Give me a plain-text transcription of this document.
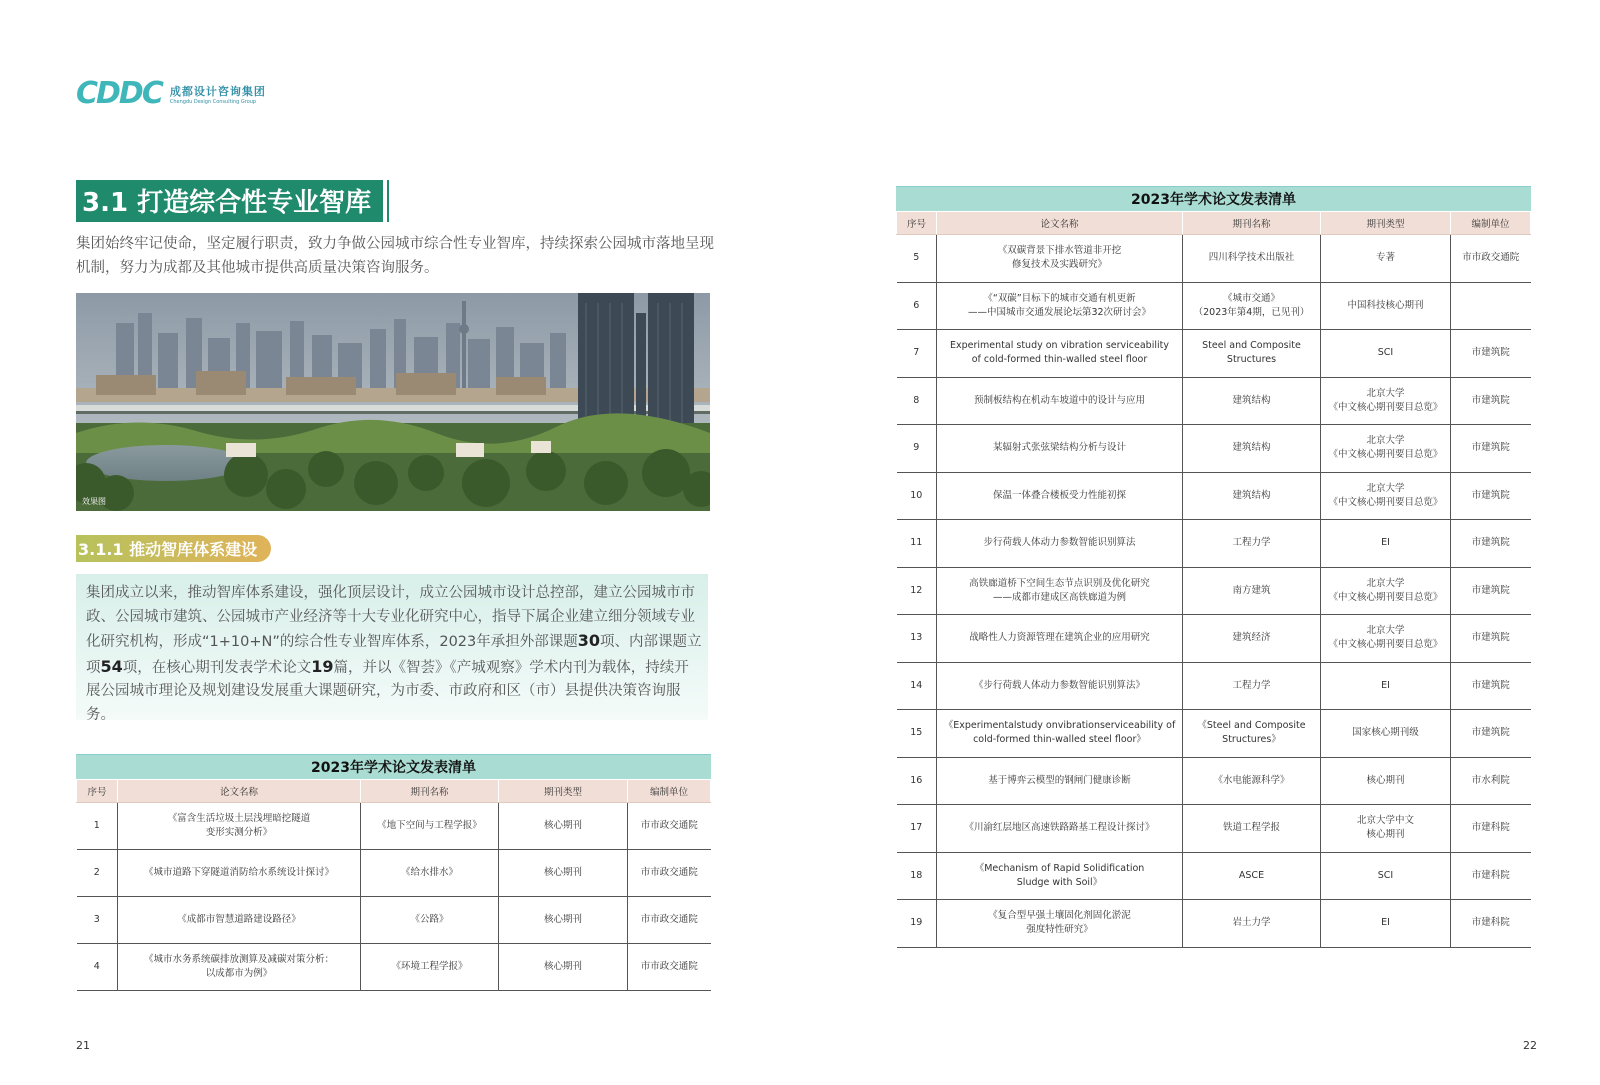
CDDC 成都设计咨询集团
Chengdu Design Consulting Group
3.1 打造综合性专业智库
集团始终牢记使命，坚定履行职责，致力争做公园城市综合性专业智库，持续探索公园城市落地呈现机制，努力为成都及其他城市提供高质量决策咨询服务。
效果图
3.1.1 推动智库体系建设
集团成立以来，推动智库体系建设，强化顶层设计，成立公园城市设计总控部，建立公园城市市政、公园城市建筑、公园城市产业经济等十大专业化研究中心，指导下属企业建立细分领域专业化研究机构，形成“1+10+N”的综合性专业智库体系，2023年承担外部课题30项、内部课题立项54项，在核心期刊发表学术论文19篇，并以《智荟》《产城观察》学术内刊为载体，持续开展公园城市理论及规划建设发展重大课题研究，为市委、市政府和区（市）县提供决策咨询服务。
2023年学术论文发表清单
序号	论文名称	期刊名称	期刊类型	编制单位
1	《富含生活垃圾土层浅埋暗挖隧道
变形实测分析》	《地下空间与工程学报》	核心期刊	市市政交通院
2	《城市道路下穿隧道消防给水系统设计探讨》	《给水排水》	核心期刊	市市政交通院
3	《成都市智慧道路建设路径》	《公路》	核心期刊	市市政交通院
4	《城市水务系统碳排放测算及减碳对策分析：
以成都市为例》	《环境工程学报》	核心期刊	市市政交通院
21
2023年学术论文发表清单
序号	论文名称	期刊名称	期刊类型	编制单位
5	《双碳背景下排水管道非开挖
修复技术及实践研究》	四川科学技术出版社	专著	市市政交通院
6	《“双碳”目标下的城市交通有机更新
——中国城市交通发展论坛第32次研讨会》	《城市交通》
（2023年第4期，已见刊）	中国科技核心期刊	
7	Experimental study on vibration serviceability
of cold-formed thin-walled steel floor	Steel and Composite
Structures	SCI	市建筑院
8	预制板结构在机动车坡道中的设计与应用	建筑结构	北京大学
《中文核心期刊要目总览》	市建筑院
9	某辐射式张弦梁结构分析与设计	建筑结构	北京大学
《中文核心期刊要目总览》	市建筑院
10	保温一体叠合楼板受力性能初探	建筑结构	北京大学
《中文核心期刊要目总览》	市建筑院
11	步行荷载人体动力参数智能识别算法	工程力学	EI	市建筑院
12	高铁廊道桥下空间生态节点识别及优化研究
——成都市建成区高铁廊道为例	南方建筑	北京大学
《中文核心期刊要目总览》	市建筑院
13	战略性人力资源管理在建筑企业的应用研究	建筑经济	北京大学
《中文核心期刊要目总览》	市建筑院
14	《步行荷载人体动力参数智能识别算法》	工程力学	EI	市建筑院
15	《Experimentalstudy onvibrationserviceability of
cold-formed thin-walled steel floor》	《Steel and Composite
Structures》	国家核心期刊级	市建筑院
16	基于博弈云模型的钢闸门健康诊断	《水电能源科学》	核心期刊	市水利院
17	《川渝红层地区高速铁路路基工程设计探讨》	铁道工程学报	北京大学中文
核心期刊	市建科院
18	《Mechanism of Rapid Solidification
Sludge with Soil》	ASCE	SCI	市建科院
19	《复合型早强土壤固化剂固化淤泥
强度特性研究》	岩土力学	EI	市建科院
22
